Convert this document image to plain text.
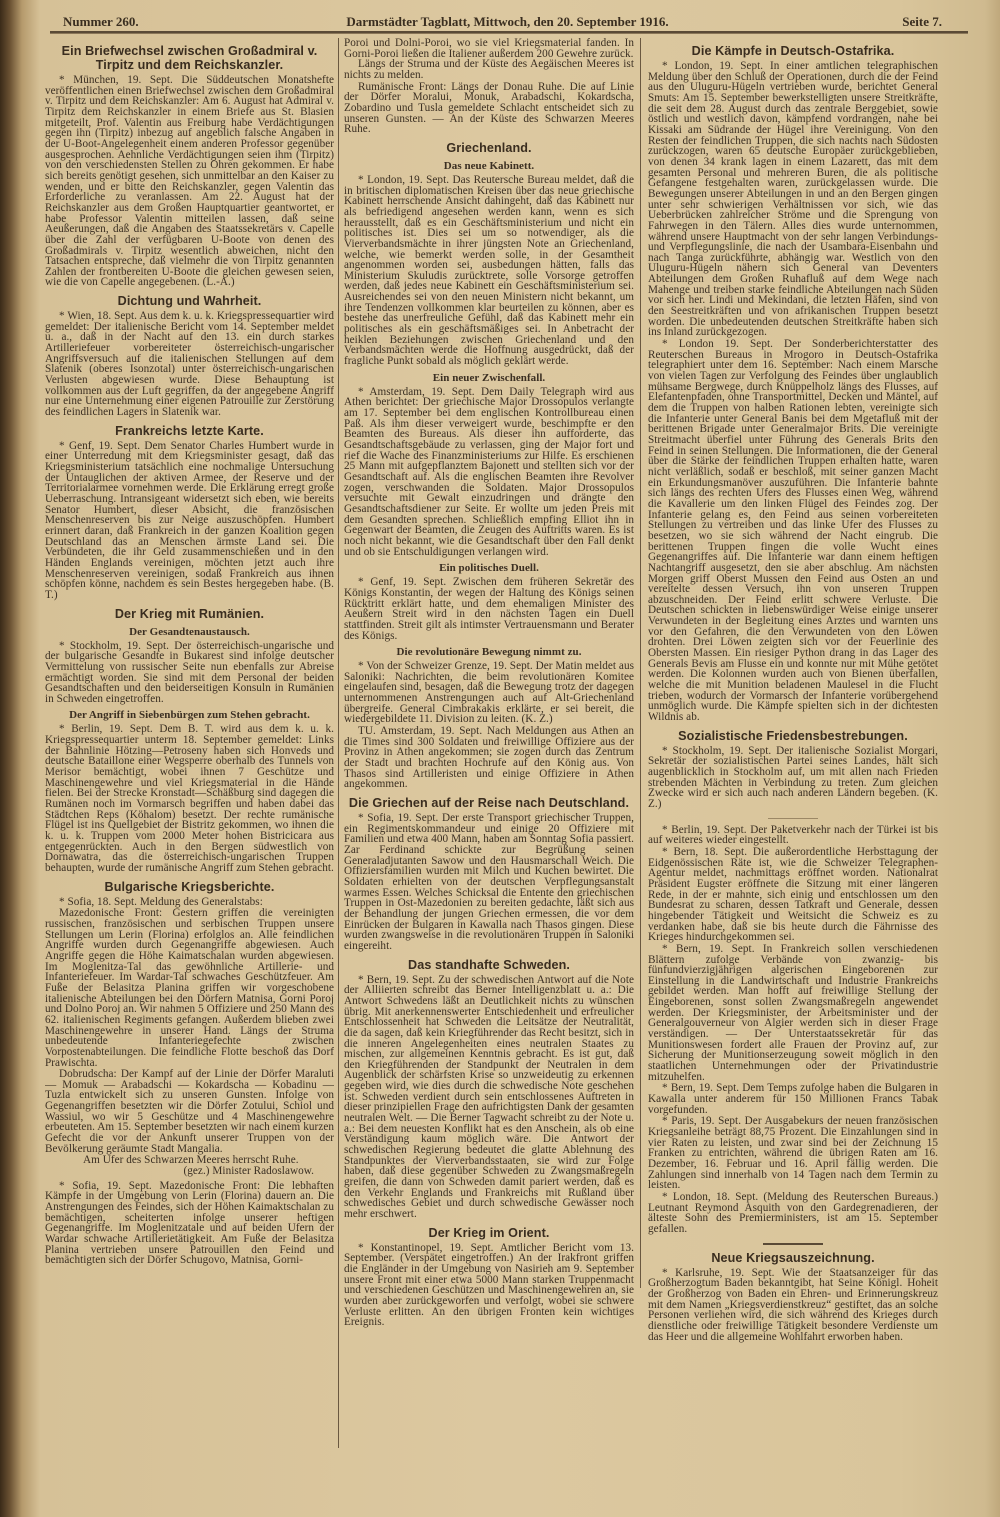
Nummer 260.	Darmstädter Tagblatt, Mittwoch, den 20. September 1916.	Seite 7.
Ein Briefwechsel zwischen Großadmiral v. Tirpitz und dem Reichskanzler.
* München, 19. Sept. Die Süddeutschen Monatshefte veröffentlichen einen Briefwechsel zwischen dem Großadmiral v. Tirpitz und dem Reichskanzler: Am 6. August hat Admiral v. Tirpitz dem Reichskanzler in einem Briefe aus St. Blasien mitgeteilt, Prof. Valentin aus Freiburg habe Verdächtigungen gegen ihn (Tirpitz) inbezug auf angeblich falsche Angaben in der U-Boot-Angelegenheit einem anderen Professor gegenüber ausgesprochen. Aehnliche Verdächtigungen seien ihm (Tirpitz) von den verschiedensten Stellen zu Ohren gekommen. Er habe sich bereits genötigt gesehen, sich unmittelbar an den Kaiser zu wenden, und er bitte den Reichskanzler, gegen Valentin das Erforderliche zu veranlassen. Am 22. August hat der Reichskanzler aus dem Großen Hauptquartier geantwortet, er habe Professor Valentin mitteilen lassen, daß seine Aeußerungen, daß die Angaben des Staatssekretärs v. Capelle über die Zahl der verfügbaren U-Boote von denen des Großadmirals v. Tirpitz wesentlich abweichen, nicht den Tatsachen entspreche, daß vielmehr die von Tirpitz genannten Zahlen der frontbereiten U-Boote die gleichen gewesen seien, wie die von Capelle angegebenen. (L.-A.)
Dichtung und Wahrheit.
* Wien, 18. Sept. Aus dem k. u. k. Kriegspressequartier wird gemeldet: Der italienische Bericht vom 14. September meldet u. a., daß in der Nacht auf den 13. ein durch starkes Artilleriefeuer vorbereiteter österreichisch-ungarischer Angriffsversuch auf die italienischen Stellungen auf dem Slatenik (oberes Isonzotal) unter österreichisch-ungarischen Verlusten abgewiesen wurde. Diese Behauptung ist vollkommen aus der Luft gegriffen, da der angegebene Angriff nur eine Unternehmung einer eigenen Patrouille zur Zerstörung des feindlichen Lagers in Slatenik war.
Frankreichs letzte Karte.
* Genf, 19. Sept. Dem Senator Charles Humbert wurde in einer Unterredung mit dem Kriegsminister gesagt, daß das Kriegsministerium tatsächlich eine nochmalige Untersuchung der Untauglichen der aktiven Armee, der Reserve und der Territorialarmee vornehmen werde. Die Erklärung erregt große Ueberraschung. Intransigeant widersetzt sich eben, wie bereits Senator Humbert, dieser Absicht, die französischen Menschenreserven bis zur Neige auszuschöpfen. Humbert erinnert daran, daß Frankreich in der ganzen Koalition gegen Deutschland das an Menschen ärmste Land sei. Die Verbündeten, die ihr Geld zusammenschießen und in den Händen Englands vereinigen, möchten jetzt auch ihre Menschenreserven vereinigen, sodaß Frankreich aus ihnen schöpfen könne, nachdem es sein Bestes hergegeben habe. (B. T.)
Der Krieg mit Rumänien.
Der Gesandtenaustausch.
* Stockholm, 19. Sept. Der österreichisch-ungarische und der bulgarische Gesandte in Bukarest sind infolge deutscher Vermittelung von russischer Seite nun ebenfalls zur Abreise ermächtigt worden. Sie sind mit dem Personal der beiden Gesandtschaften und den beiderseitigen Konsuln in Rumänien in Schweden eingetroffen.
Der Angriff in Siebenbürgen zum Stehen gebracht.
* Berlin, 19. Sept. Dem B. T. wird aus dem k. u. k. Kriegspressequartier unterm 18. September gemeldet: Links der Bahnlinie Hötzing—Petroseny haben sich Honveds und deutsche Bataillone einer Wegsperre oberhalb des Tunnels von Merisor bemächtigt, wobei ihnen 7 Geschütze und Maschinengewehre und viel Kriegsmaterial in die Hände fielen. Bei der Strecke Kronstadt—Schäßburg sind dagegen die Rumänen noch im Vormarsch begriffen und haben dabei das Städtchen Reps (Köhalom) besetzt. Der rechte rumänische Flügel ist ins Quellgebiet der Bistritz gekommen, wo ihnen die k. u. k. Truppen vom 2000 Meter hohen Bistricicara aus entgegenrückten. Auch in den Bergen südwestlich von Dornawatra, das die österreichisch-ungarischen Truppen behaupten, wurde der rumänische Angriff zum Stehen gebracht.
Bulgarische Kriegsberichte.
* Sofia, 18. Sept. Meldung des Generalstabs:
Mazedonische Front: Gestern griffen die vereinigten russischen, französischen und serbischen Truppen unsere Stellungen um Lerin (Florina) erfolglos an. Alle feindlichen Angriffe wurden durch Gegenangriffe abgewiesen. Auch Angriffe gegen die Höhe Kaimatschalan wurden abgewiesen. Im Moglenitza-Tal das gewöhnliche Artillerie- und Infanteriefeuer. Im Wardar-Tal schwaches Geschützfeuer. Am Fuße der Belasitza Planina griffen wir vorgeschobene italienische Abteilungen bei den Dörfern Matnisa, Gorni Poroj und Dolno Poroj an. Wir nahmen 5 Offiziere und 250 Mann des 62. italienischen Regiments gefangen. Außerdem blieben zwei Maschinengewehre in unserer Hand. Längs der Struma unbedeutende Infanteriegefechte zwischen Vorpostenabteilungen. Die feindliche Flotte beschoß das Dorf Prawischta.
Dobrudscha: Der Kampf auf der Linie der Dörfer Maraluti — Momuk — Arabadschi — Kokardscha — Kobadinu — Tuzla entwickelt sich zu unseren Gunsten. Infolge von Gegenangriffen besetzten wir die Dörfer Zotului, Schiol und Wassiul, wo wir 5 Geschütze und 4 Maschinengewehre erbeuteten. Am 15. September besetzten wir nach einem kurzen Gefecht die vor der Ankunft unserer Truppen von der Bevölkerung geräumte Stadt Mangalia.
Am Ufer des Schwarzen Meeres herrscht Ruhe.
(gez.) Minister Radoslawow.
* Sofia, 19. Sept. Mazedonische Front: Die lebhaften Kämpfe in der Umgebung von Lerin (Florina) dauern an. Die Anstrengungen des Feindes, sich der Höhen Kaimaktschalan zu bemächtigen, scheiterten infolge unserer heftigen Gegenangriffe. Im Moglenitzatale und auf beiden Ufern der Wardar schwache Artillerietätigkeit. Am Fuße der Belasitza Planina vertrieben unsere Patrouillen den Feind und bemächtigten sich der Dörfer Schugovo, Matnisa, Gorni-
Poroi und Dolni-Poroi, wo sie viel Kriegsmaterial fanden. In Gorni-Poroi ließen die Italiener außerdem 200 Gewehre zurück.
Längs der Struma und der Küste des Aegäischen Meeres ist nichts zu melden.
Rumänische Front: Längs der Donau Ruhe. Die auf Linie der Dörfer Moralui, Monuk, Arabadschi, Kokardscha, Zobardino und Tusla gemeldete Schlacht entscheidet sich zu unseren Gunsten. — An der Küste des Schwarzen Meeres Ruhe.
Griechenland.
Das neue Kabinett.
* London, 19. Sept. Das Reutersche Bureau meldet, daß die in britischen diplomatischen Kreisen über das neue griechische Kabinett herrschende Ansicht dahingeht, daß das Kabinett nur als befriedigend angesehen werden kann, wenn es sich herausstellt, daß es ein Geschäftsministerium und nicht ein politisches ist. Dies sei um so notwendiger, als die Vierverbandsmächte in ihrer jüngsten Note an Griechenland, welche, wie bemerkt werden solle, in der Gesamtheit angenommen worden sei, ausbedungen hätten, falls das Ministerium Skuludis zurücktrete, solle Vorsorge getroffen werden, daß jedes neue Kabinett ein Geschäftsministerium sei. Ausreichendes sei von den neuen Ministern nicht bekannt, um ihre Tendenzen vollkommen klar beurteilen zu können, aber es bestehe das unerfreuliche Gefühl, daß das Kabinett mehr ein politisches als ein geschäftsmäßiges sei. In Anbetracht der heiklen Beziehungen zwischen Griechenland und den Verbandsmächten werde die Hoffnung ausgedrückt, daß der fragliche Punkt sobald als möglich geklärt werde.
Ein neuer Zwischenfall.
* Amsterdam, 19. Sept. Dem Daily Telegraph wird aus Athen berichtet: Der griechische Major Drossopulos verlangte am 17. September bei dem englischen Kontrollbureau einen Paß. Als ihm dieser verweigert wurde, beschimpfte er den Beamten des Bureaus. Als dieser ihn aufforderte, das Gesandtschaftsgebäude zu verlassen, ging der Major fort und rief die Wache des Finanzministeriums zur Hilfe. Es erschienen 25 Mann mit aufgepflanztem Bajonett und stellten sich vor der Gesandtschaft auf. Als die englischen Beamten ihre Revolver zogen, verschwanden die Soldaten. Major Drossopulos versuchte mit Gewalt einzudringen und drängte den Gesandtschaftsdiener zur Seite. Er wollte um jeden Preis mit dem Gesandten sprechen. Schließlich empfing Elliot ihn in Gegenwart der Beamten, die Zeugen des Auftritts waren. Es ist noch nicht bekannt, wie die Gesandtschaft über den Fall denkt und ob sie Entschuldigungen verlangen wird.
Ein politisches Duell.
* Genf, 19. Sept. Zwischen dem früheren Sekretär des Königs Konstantin, der wegen der Haltung des Königs seinen Rücktritt erklärt hatte, und dem ehemaligen Minister des Aeußern Streit wird in den nächsten Tagen ein Duell stattfinden. Streit gilt als intimster Vertrauensmann und Berater des Königs.
Die revolutionäre Bewegung nimmt zu.
* Von der Schweizer Grenze, 19. Sept. Der Matin meldet aus Saloniki: Nachrichten, die beim revolutionären Komitee eingelaufen sind, besagen, daß die Bewegung trotz der dagegen unternommenen Anstrengungen auch auf Alt-Griechenland übergreife. General Cimbrakakis erklärte, er sei bereit, die wiedergebildete 11. Division zu leiten. (K. Z.)
TU. Amsterdam, 19. Sept. Nach Meldungen aus Athen an die Times sind 300 Soldaten und freiwillige Offiziere aus der Provinz in Athen angekommen; sie zogen durch das Zentrum der Stadt und brachten Hochrufe auf den König aus. Von Thasos sind Artilleristen und einige Offiziere in Athen angekommen.
Die Griechen auf der Reise nach Deutschland.
* Sofia, 19. Sept. Der erste Transport griechischer Truppen, ein Regimentskommandeur und einige 20 Offiziere mit Familien und etwa 400 Mann, haben am Sonntag Sofia passiert. Zar Ferdinand schickte zur Begrüßung seinen Generaladjutanten Sawow und den Hausmarschall Weich. Die Offiziersfamilien wurden mit Milch und Kuchen bewirtet. Die Soldaten erhielten von der deutschen Verpflegungsanstalt warmes Essen. Welches Schicksal die Entente den griechischen Truppen in Ost-Mazedonien zu bereiten gedachte, läßt sich aus der Behandlung der jungen Griechen ermessen, die vor dem Einrücken der Bulgaren in Kawalla nach Thasos gingen. Diese wurden zwangsweise in die revolutionären Truppen in Saloniki eingereiht.
Das standhafte Schweden.
* Bern, 19. Sept. Zu der schwedischen Antwort auf die Note der Alliierten schreibt das Berner Intelligenzblatt u. a.: Die Antwort Schwedens läßt an Deutlichkeit nichts zu wünschen übrig. Mit anerkennenswerter Entschiedenheit und erfreulicher Entschlossenheit hat Schweden die Leitsätze der Neutralität, die da sagen, daß kein Kriegführender das Recht besitzt, sich in die inneren Angelegenheiten eines neutralen Staates zu mischen, zur allgemeinen Kenntnis gebracht. Es ist gut, daß den Kriegführenden der Standpunkt der Neutralen in dem Augenblick der schärfsten Krise so unzweideutig zu erkennen gegeben wird, wie dies durch die schwedische Note geschehen ist. Schweden verdient durch sein entschlossenes Auftreten in dieser prinzipiellen Frage den aufrichtigsten Dank der gesamten neutralen Welt. — Die Berner Tagwacht schreibt zu der Note u. a.: Bei dem neuesten Konflikt hat es den Anschein, als ob eine Verständigung kaum möglich wäre. Die Antwort der schwedischen Regierung bedeutet die glatte Ablehnung des Standpunktes der Vierverbandsstaaten, sie wird zur Folge haben, daß diese gegenüber Schweden zu Zwangsmaßregeln greifen, die dann von Schweden damit pariert werden, daß es den Verkehr Englands und Frankreichs mit Rußland über schwedisches Gebiet und durch schwedische Gewässer noch mehr erschwert.
Der Krieg im Orient.
* Konstantinopel, 19. Sept. Amtlicher Bericht vom 13. September. (Verspätet eingetroffen.) An der Irakfront griffen die Engländer in der Umgebung von Nasirieh am 9. September unsere Front mit einer etwa 5000 Mann starken Truppenmacht und verschiedenen Geschützen und Maschinengewehren an, sie wurden aber zurückgeworfen und verfolgt, wobei sie schwere Verluste erlitten. An den übrigen Fronten kein wichtiges Ereignis.
Die Kämpfe in Deutsch-Ostafrika.
* London, 19. Sept. In einer amtlichen telegraphischen Meldung über den Schluß der Operationen, durch die der Feind aus den Uluguru-Hügeln vertrieben wurde, berichtet General Smuts: Am 15. September bewerkstelligten unsere Streitkräfte, die seit dem 28. August durch das zentrale Berggebiet, sowie östlich und westlich davon, kämpfend vordrangen, nahe bei Kissaki am Südrande der Hügel ihre Vereinigung. Von den Resten der feindlichen Truppen, die sich nachts nach Südosten zurückzogen, waren 65 deutsche Europäer zurückgeblieben, von denen 34 krank lagen in einem Lazarett, das mit dem gesamten Personal und mehreren Buren, die als politische Gefangene festgehalten waren, zurückgelassen wurde. Die Bewegungen unserer Abteilungen in und an den Bergen gingen unter sehr schwierigen Verhältnissen vor sich, wie das Ueberbrücken zahlreicher Ströme und die Sprengung von Fahrwegen in den Tälern. Alles dies wurde unternommen, während unsere Hauptmacht von der sehr langen Verbindungs- und Verpflegungslinie, die nach der Usambara-Eisenbahn und nach Tanga zurückführte, abhängig war. Westlich von den Uluguru-Hügeln nähern sich General van Deventers Abteilungen dem Großen Ruhafluß auf dem Wege nach Mahenge und treiben starke feindliche Abteilungen nach Süden vor sich her. Lindi und Mekindani, die letzten Häfen, sind von den Seestreitkräften und von afrikanischen Truppen besetzt worden. Die unbedeutenden deutschen Streitkräfte haben sich ins Inland zurückgezogen.
* London 19. Sept. Der Sonderberichterstatter des Reuterschen Bureaus in Mrogoro in Deutsch-Ostafrika telegraphiert unter dem 16. September: Nach einem Marsche von vielen Tagen zur Verfolgung des Feindes über unglaublich mühsame Bergwege, durch Knüppelholz längs des Flusses, auf Elefantenpfaden, ohne Transportmittel, Decken und Mäntel, auf dem die Truppen von halben Rationen lebten, vereinigte sich die Infanterie unter General Banis bei dem Mgetafluß mit der berittenen Brigade unter Generalmajor Brits. Die vereinigte Streitmacht überfiel unter Führung des Generals Brits den Feind in seinen Stellungen. Die Informationen, die der General über die Stärke der feindlichen Truppen erhalten hatte, waren nicht verläßlich, sodaß er beschloß, mit seiner ganzen Macht ein Erkundungsmanöver auszuführen. Die Infanterie bahnte sich längs des rechten Ufers des Flusses einen Weg, während die Kavallerie um den linken Flügel des Feindes zog. Der Infanterie gelang es, den Feind aus seinen vorbereiteten Stellungen zu vertreiben und das linke Ufer des Flusses zu besetzen, wo sie sich während der Nacht eingrub. Die berittenen Truppen fingen die volle Wucht eines Gegenangriffes auf. Die Infanterie war dann einem heftigen Nachtangriff ausgesetzt, den sie aber abschlug. Am nächsten Morgen griff Oberst Mussen den Feind aus Osten an und vereitelte dessen Versuch, ihn von unseren Truppen abzuschneiden. Der Feind erlitt schwere Verluste. Die Deutschen schickten in liebenswürdiger Weise einige unserer Verwundeten in der Begleitung eines Arztes und warnten uns vor den Gefahren, die den Verwundeten von den Löwen drohten. Drei Löwen zeigten sich vor der Feuerlinie des Obersten Massen. Ein riesiger Python drang in das Lager des Generals Bevis am Flusse ein und konnte nur mit Mühe getötet werden. Die Kolonnen wurden auch von Bienen überfallen, welche die mit Munition beladenen Maulesel in die Flucht trieben, wodurch der Vormarsch der Infanterie vorübergehend unmöglich wurde. Die Kämpfe spielten sich in der dichtesten Wildnis ab.
Sozialistische Friedensbestrebungen.
* Stockholm, 19. Sept. Der italienische Sozialist Morgari, Sekretär der sozialistischen Partei seines Landes, hält sich augenblicklich in Stockholm auf, um mit allen nach Frieden strebenden Mächten in Verbindung zu treten. Zum gleichen Zwecke wird er sich auch nach anderen Ländern begeben. (K. Z.)
* Berlin, 19. Sept. Der Paketverkehr nach der Türkei ist bis auf weiteres wieder eingestellt.
* Bern, 18. Sept. Die außerordentliche Herbsttagung der Eidgenössischen Räte ist, wie die Schweizer Telegraphen-Agentur meldet, nachmittags eröffnet worden. Nationalrat Präsident Eugster eröffnete die Sitzung mit einer längeren Rede, in der er mahnte, sich einig und entschlossen um den Bundesrat zu scharen, dessen Tatkraft und Generale, dessen hingebender Tätigkeit und Weitsicht die Schweiz es zu verdanken habe, daß sie bis heute durch die Fährnisse des Krieges hindurchgekommen sei.
* Bern, 19. Sept. In Frankreich sollen verschiedenen Blättern zufolge Verbände von zwanzig- bis fünfundvierzigjährigen algerischen Eingeborenen zur Einstellung in die Landwirtschaft und Industrie Frankreichs gebildet werden. Man hofft auf freiwillige Stellung der Eingeborenen, sonst sollen Zwangsmaßregeln angewendet werden. Der Kriegsminister, der Arbeitsminister und der Generalgouverneur von Algier werden sich in dieser Frage verständigen. — Der Unterstaatssekretär für das Munitionswesen fordert alle Frauen der Provinz auf, zur Sicherung der Munitionserzeugung soweit möglich in den staatlichen Unternehmungen oder der Privatindustrie mitzuhelfen.
* Bern, 19. Sept. Dem Temps zufolge haben die Bulgaren in Kawalla unter anderem für 150 Millionen Francs Tabak vorgefunden.
* Paris, 19. Sept. Der Ausgabekurs der neuen französischen Kriegsanleihe beträgt 88,75 Prozent. Die Einzahlungen sind in vier Raten zu leisten, und zwar sind bei der Zeichnung 15 Franken zu entrichten, während die übrigen Raten am 16. Dezember, 16. Februar und 16. April fällig werden. Die Zahlungen sind innerhalb von 14 Tagen nach dem Termin zu leisten.
* London, 18. Sept. (Meldung des Reuterschen Bureaus.) Leutnant Reymond Asquith von den Gardegrenadieren, der älteste Sohn des Premierministers, ist am 15. September gefallen.
Neue Kriegsauszeichnung.
* Karlsruhe, 19. Sept. Wie der Staatsanzeiger für das Großherzogtum Baden bekanntgibt, hat Seine Königl. Hoheit der Großherzog von Baden ein Ehren- und Erinnerungskreuz mit dem Namen „Kriegsverdienstkreuz“ gestiftet, das an solche Personen verliehen wird, die sich während des Krieges durch dienstliche oder freiwillige Tätigkeit besondere Verdienste um das Heer und die allgemeine Wohlfahrt erworben haben.
